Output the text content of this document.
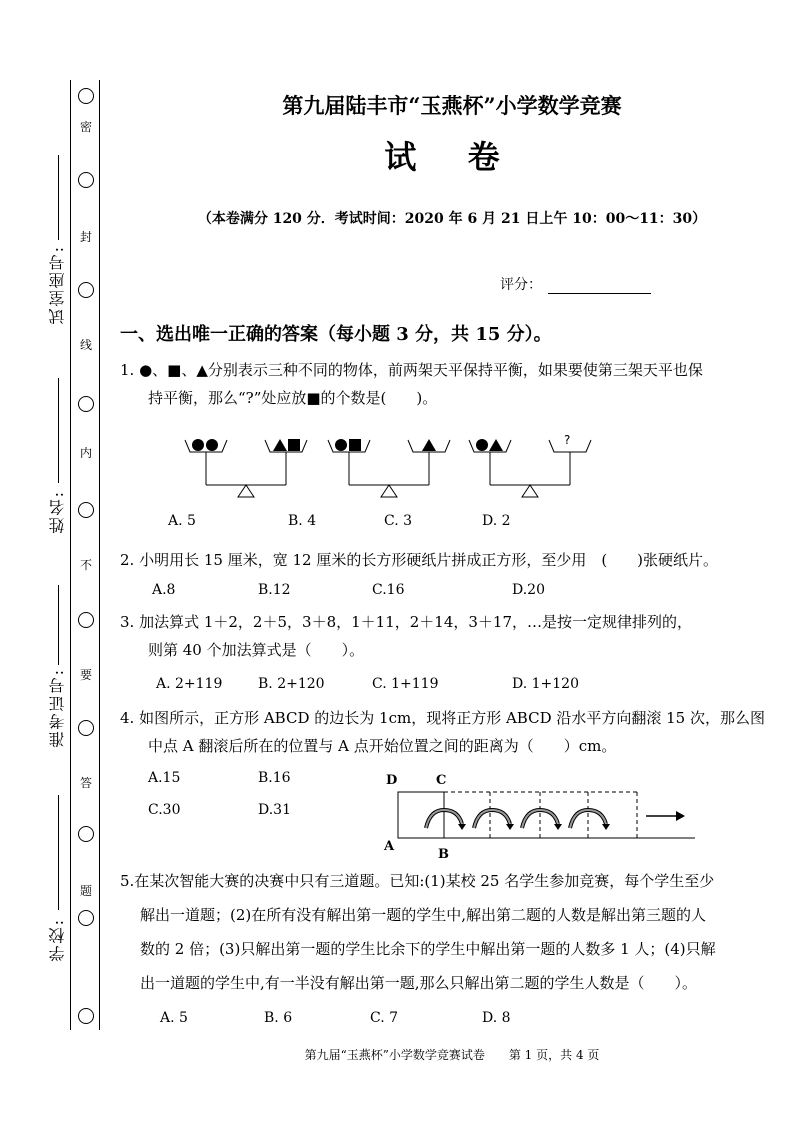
密
封
线
内
不
要
答
题
试室座号:
姓名:
准考证号:
学校:
第九届陆丰市“玉燕杯”小学数学竞赛
试 卷
（本卷满分 120 分．考试时间：2020 年 6 月 21 日上午 10：00～11：30）
评分：
一、选出唯一正确的答案（每小题 3 分，共 15 分）。
1. ●、■、▲分别表示三种不同的物体，前两架天平保持平衡，如果要使第三架天平也保
持平衡，那么“?”处应放■的个数是(　　)。
?
A. 5	B. 4	C. 3	D. 2
2. 小明用长 15 厘米，宽 12 厘米的长方形硬纸片拼成正方形，至少用　(　　)张硬纸片。
A.8	B.12	C.16	D.20
3. 加法算式 1＋2，2＋5，3＋8，1＋11，2＋14，3＋17，…是按一定规律排列的，
则第 40 个加法算式是（　　）。
A. 2+119	B. 2+120	C. 1+119	D. 1+120
4. 如图所示，正方形 ABCD 的边长为 1cm，现将正方形 ABCD 沿水平方向翻滚 15 次，那么图
中点 A 翻滚后所在的位置与 A 点开始位置之间的距离为（　　）cm。
A.15	B.16
C.30	D.31
D	C
A
B
5.在某次智能大赛的决赛中只有三道题。已知:(1)某校 25 名学生参加竞赛，每个学生至少
解出一道题；(2)在所有没有解出第一题的学生中,解出第二题的人数是解出第三题的人
数的 2 倍；(3)只解出第一题的学生比余下的学生中解出第一题的人数多 1 人；(4)只解
出一道题的学生中,有一半没有解出第一题,那么只解出第二题的学生人数是（　　）。
A. 5	B. 6	C. 7	D. 8
第九届“玉燕杯”小学数学竞赛试卷　　第 1 页，共 4 页
